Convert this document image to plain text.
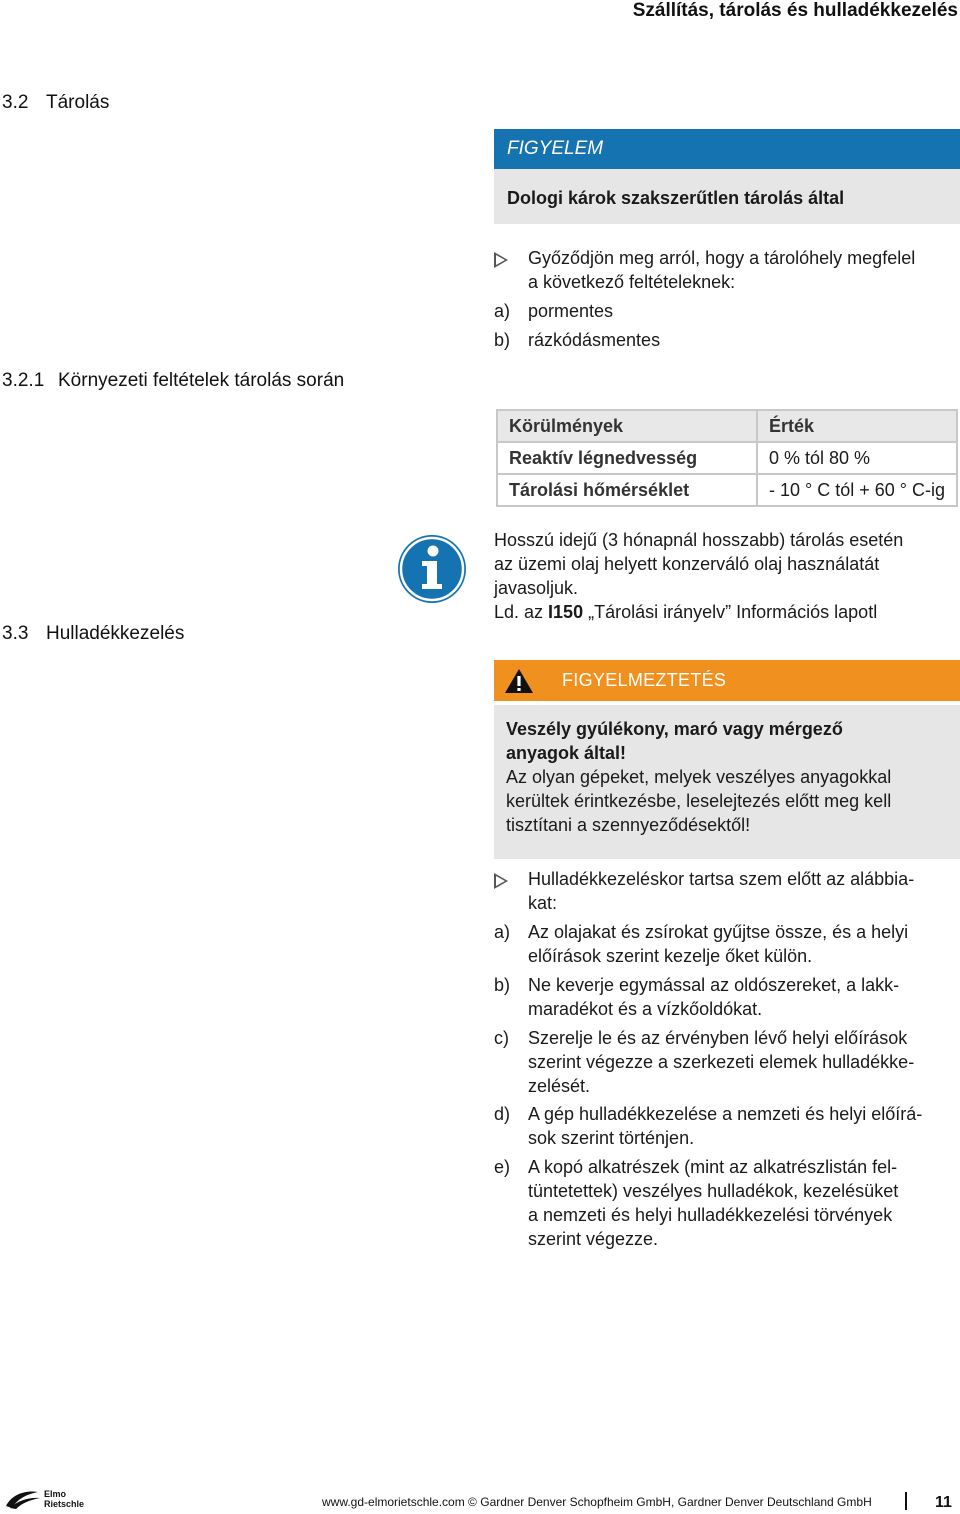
Szállítás, tárolás és hulladékkezelés
3.2 Tárolás
3.2.1 Környezeti feltételek tárolás során
3.3 Hulladékkezelés
FIGYELEM
Dologi károk szakszerűtlen tárolás által
Győződjön meg arról, hogy a tárolóhely megfelel
a következő feltételeknek:
a) pormentes
b) rázkódásmentes
Körülmények	Érték
Reaktív légnedvesség	0 % tól 80 %
Tárolási hőmérséklet	- 10 ° C tól + 60 ° C-ig
Hosszú idejű (3 hónapnál hosszabb) tárolás esetén
az üzemi olaj helyett konzerváló olaj használatát
javasoljuk.
Ld. az I150 „Tárolási irányelv” Információs lapotl
FIGYELMEZTETÉS
Veszély gyúlékony, maró vagy mérgező
anyagok által!
Az olyan gépeket, melyek veszélyes anyagokkal
kerültek érintkezésbe, leselejtezés előtt meg kell
tisztítani a szennyeződésektől!
Hulladékkezeléskor tartsa szem előtt az alábbia-
kat:
a) Az olajakat és zsírokat gyűjtse össze, és a helyi
előírások szerint kezelje őket külön.
b) Ne keverje egymással az oldószereket, a lakk-
maradékot és a vízkőoldókat.
c) Szerelje le és az érvényben lévő helyi előírások
szerint végezze a szerkezeti elemek hulladékke-
zelését.
d) A gép hulladékkezelése a nemzeti és helyi előírá-
sok szerint történjen.
e) A kopó alkatrészek (mint az alkatrészlistán fel-
tüntetettek) veszélyes hulladékok, kezelésüket
a nemzeti és helyi hulladékkezelési törvények
szerint végezze.
Elmo
Rietschle	www.gd-elmorietschle.com © Gardner Denver Schopfheim GmbH, Gardner Denver Deutschland GmbH	11
